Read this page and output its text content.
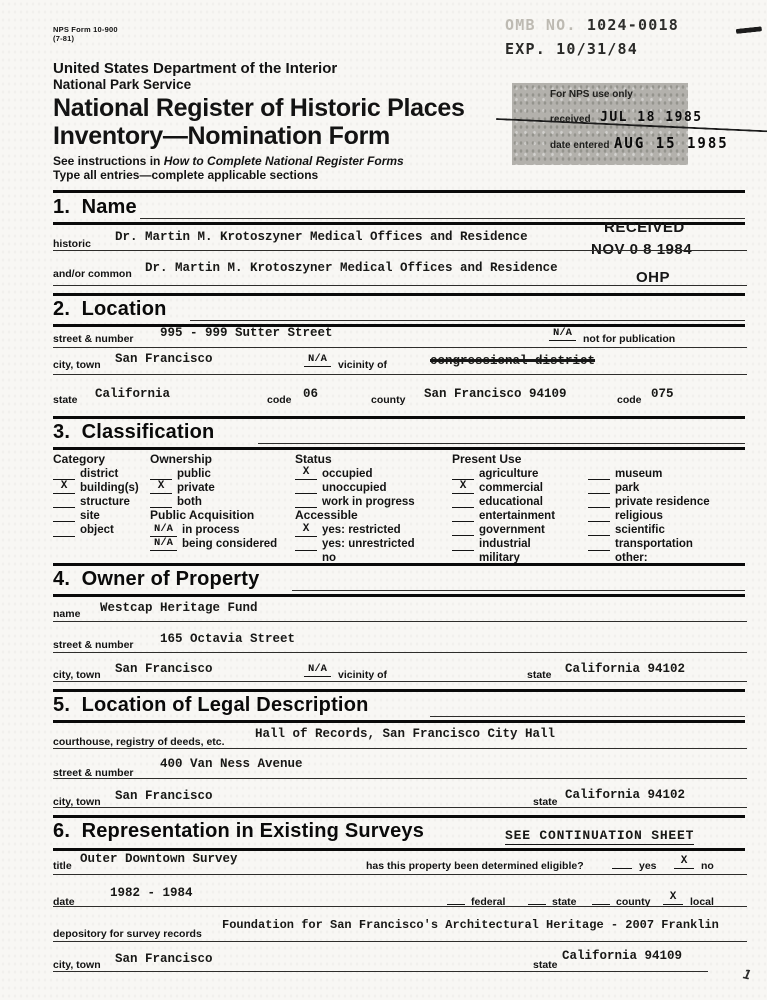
NPS Form 10-900
(7-81)
OMB NO. 1024-0018
EXP. 10/31/84
United States Department of the Interior
National Park Service
National Register of Historic Places
Inventory—Nomination Form
See instructions in How to Complete National Register Forms
Type all entries—complete applicable sections
For NPS use only
received JUL 18 1985
date entered AUG 15 1985
1.  Name
RECEIVED
NOV 0 8 1984
OHP
historic Dr. Martin M. Krotoszyner Medical Offices and Residence
and/or common Dr. Martin M. Krotoszyner Medical Offices and Residence
2.  Location
street & number 995 - 999 Sutter Street	N/A	not for publication
city, town San Francisco	N/A	vicinity of	congressional district
state California	code 06	county San Francisco 94109	code 075
3.  Classification
Category
district
X	building(s)
structure
site
object
Ownership
public
X	private
both
Public Acquisition
N/A in process
N/A being considered
Status
X	occupied
unoccupied
work in progress
Accessible
X	yes: restricted
yes: unrestricted
no
Present Use
agriculture
X	commercial
educational
entertainment
government
industrial
military
museum
park
private residence
religious
scientific
transportation
other:
4.  Owner of Property
name Westcap Heritage Fund
street & number 165 Octavia Street
city, town San Francisco	N/A	vicinity of	state California 94102
5.  Location of Legal Description
courthouse, registry of deeds, etc.
Hall of Records, San Francisco City Hall
street & number
400 Van Ness Avenue
city, town San Francisco	state California 94102
6.  Representation in Existing Surveys	SEE CONTINUATION SHEET
title Outer Downtown Survey	has this property been determined eligible?	yes	X	no
date
1982 - 1984
federal	state	county	X	local
depository for survey records
Foundation for San Francisco's Architectural Heritage - 2007 Franklin
city, town San Francisco	state
California 94109
1
